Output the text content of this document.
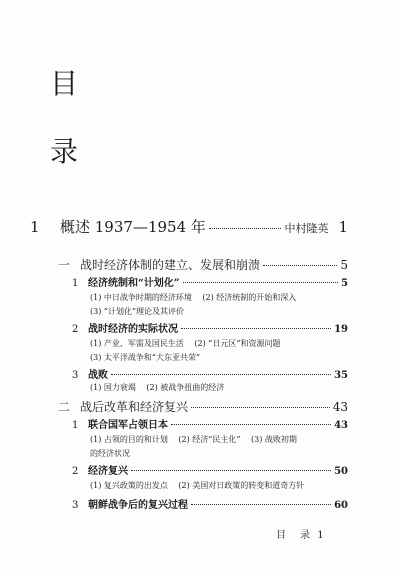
目
录
1	概述 1937—1954 年	中村隆英 1
一 战时经济体制的建立、发展和崩溃	5
1 经济统制和“计划化”	5
(1) 中日战争时期的经济环境　 (2) 经济统制的开始和深入
(3) “计划化”理论及其评价
2 战时经济的实际状况	19
(1) 产业、军需及国民生活　 (2) “日元区”和资源问题
(3) 太平洋战争和“大东亚共荣”
3 战败	35
(1) 国力衰竭　 (2) 被战争扭曲的经济
二 战后改革和经济复兴	43
1 联合国军占领日本	43
(1) 占领的目的和计划　 (2) 经济“民主化”　 (3) 战败初期
的经济状况
2 经济复兴	50
(1) 复兴政策的出发点　 (2) 美国对日政策的转变和道奇方针
3 朝鲜战争后的复兴过程	60
目　录 1
